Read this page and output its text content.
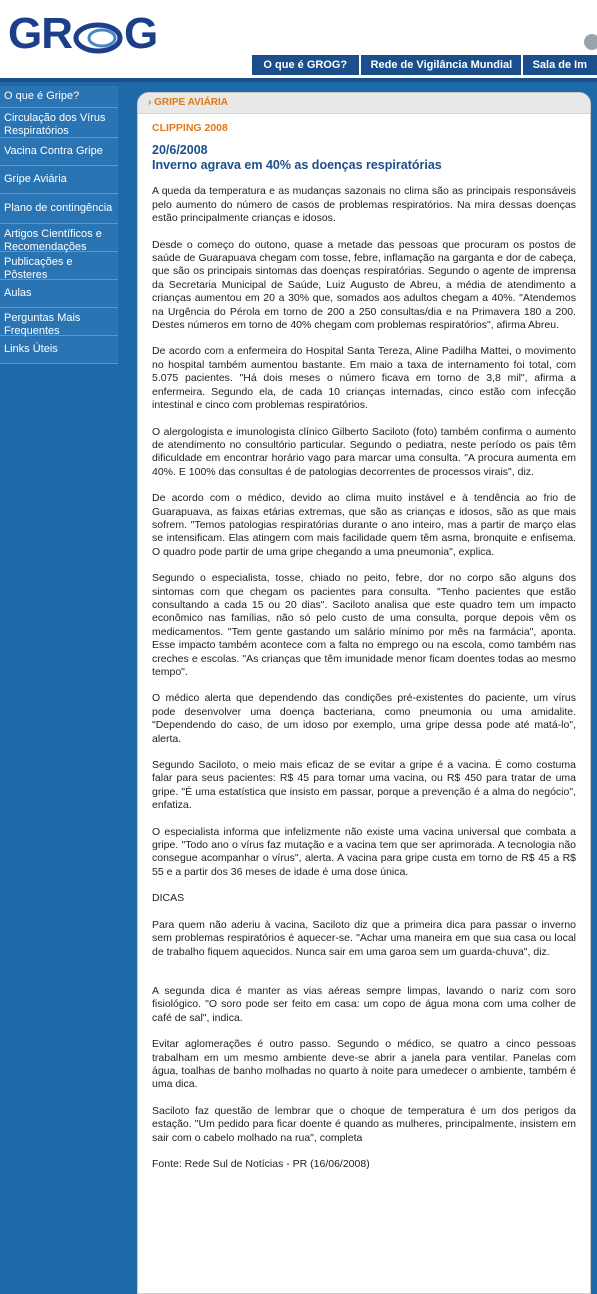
GR G
O que é GROG?	Rede de Vigilância Mundial	Sala de Im
O que é Gripe?
Circulação dos Vírus Respiratórios
Vacina Contra Gripe
Gripe Aviária
Plano de contingência
Artigos Científicos e Recomendações
Publicações e Pôsteres
Aulas
Perguntas Mais Frequentes
Links Úteis
› GRIPE AVIÁRIA
CLIPPING 2008
20/6/2008
Inverno agrava em 40% as doenças respiratórias

A queda da temperatura e as mudanças sazonais no clima são as principais responsáveis pelo aumento do número de casos de problemas respiratórios. Na mira dessas doenças estão principalmente crianças e idosos.

Desde o começo do outono, quase a metade das pessoas que procuram os postos de saúde de Guarapuava chegam com tosse, febre, inflamação na garganta e dor de cabeça, que são os principais sintomas das doenças respiratórias. Segundo o agente de imprensa da Secretaria Municipal de Saúde, Luiz Augusto de Abreu, a média de atendimento a crianças aumentou em 20 a 30% que, somados aos adultos chegam a 40%. "Atendemos na Urgência do Pérola em torno de 200 a 250 consultas/dia e na Primavera 180 a 200. Destes números em torno de 40% chegam com problemas respiratórios", afirma Abreu.

De acordo com a enfermeira do Hospital Santa Tereza, Aline Padilha Mattei, o movimento no hospital também aumentou bastante. Em maio a taxa de internamento foi total, com 5.075 pacientes. "Há dois meses o número ficava em torno de 3,8 mil", afirma a enfermeira. Segundo ela, de cada 10 crianças internadas, cinco estão com infecção intestinal e cinco com problemas respiratórios.

O alergologista e imunologista clínico Gilberto Saciloto (foto) também confirma o aumento de atendimento no consultório particular. Segundo o pediatra, neste período os pais têm dificuldade em encontrar horário vago para marcar uma consulta. "A procura aumenta em 40%. E 100% das consultas é de patologias decorrentes de processos virais", diz.

De acordo com o médico, devido ao clima muito instável e à tendência ao frio de Guarapuava, as faixas etárias extremas, que são as crianças e idosos, são as que mais sofrem. "Temos patologias respiratórias durante o ano inteiro, mas a partir de março elas se intensificam. Elas atingem com mais facilidade quem têm asma, bronquite e enfisema. O quadro pode partir de uma gripe chegando a uma pneumonia", explica.

Segundo o especialista, tosse, chiado no peito, febre, dor no corpo são alguns dos sintomas com que chegam os pacientes para consulta. "Tenho pacientes que estão consultando a cada 15 ou 20 dias". Saciloto analisa que este quadro tem um impacto econômico nas famílias, não só pelo custo de uma consulta, porque depois vêm os medicamentos. "Tem gente gastando um salário mínimo por mês na farmácia", aponta. Esse impacto também acontece com a falta no emprego ou na escola, como também nas creches e escolas. "As crianças que têm imunidade menor ficam doentes todas ao mesmo tempo".

O médico alerta que dependendo das condições pré-existentes do paciente, um vírus pode desenvolver uma doença bacteriana, como pneumonia ou uma amidalite. "Dependendo do caso, de um idoso por exemplo, uma gripe dessa pode até matá-lo", alerta.

Segundo Saciloto, o meio mais eficaz de se evitar a gripe é a vacina. É como costuma falar para seus pacientes: R$ 45 para tomar uma vacina, ou R$ 450 para tratar de uma gripe. "É uma estatística que insisto em passar, porque a prevenção é a alma do negócio", enfatiza.

O especialista informa que infelizmente não existe uma vacina universal que combata a gripe. "Todo ano o vírus faz mutação e a vacina tem que ser aprimorada. A tecnologia não consegue acompanhar o vírus", alerta. A vacina para gripe custa em torno de R$ 45 a R$ 55 e a partir dos 36 meses de idade é uma dose única.

DICAS

Para quem não aderiu à vacina, Saciloto diz que a primeira dica para passar o inverno sem problemas respiratórios é aquecer-se. "Achar uma maneira em que sua casa ou local de trabalho fiquem aquecidos. Nunca sair em uma garoa sem um guarda-chuva", diz.

A segunda dica é manter as vias aéreas sempre limpas, lavando o nariz com soro fisiológico. "O soro pode ser feito em casa: um copo de água mona com uma colher de café de sal", indica.

Evitar aglomerações é outro passo. Segundo o médico, se quatro a cinco pessoas trabalham em um mesmo ambiente deve-se abrir a janela para ventilar. Panelas com água, toalhas de banho molhadas no quarto à noite para umedecer o ambiente, também é uma dica.

Saciloto faz questão de lembrar que o choque de temperatura é um dos perigos da estação. "Um pedido para ficar doente é quando as mulheres, principalmente, insistem em sair com o cabelo molhado na rua", completa

Fonte: Rede Sul de Notícias - PR (16/06/2008)
